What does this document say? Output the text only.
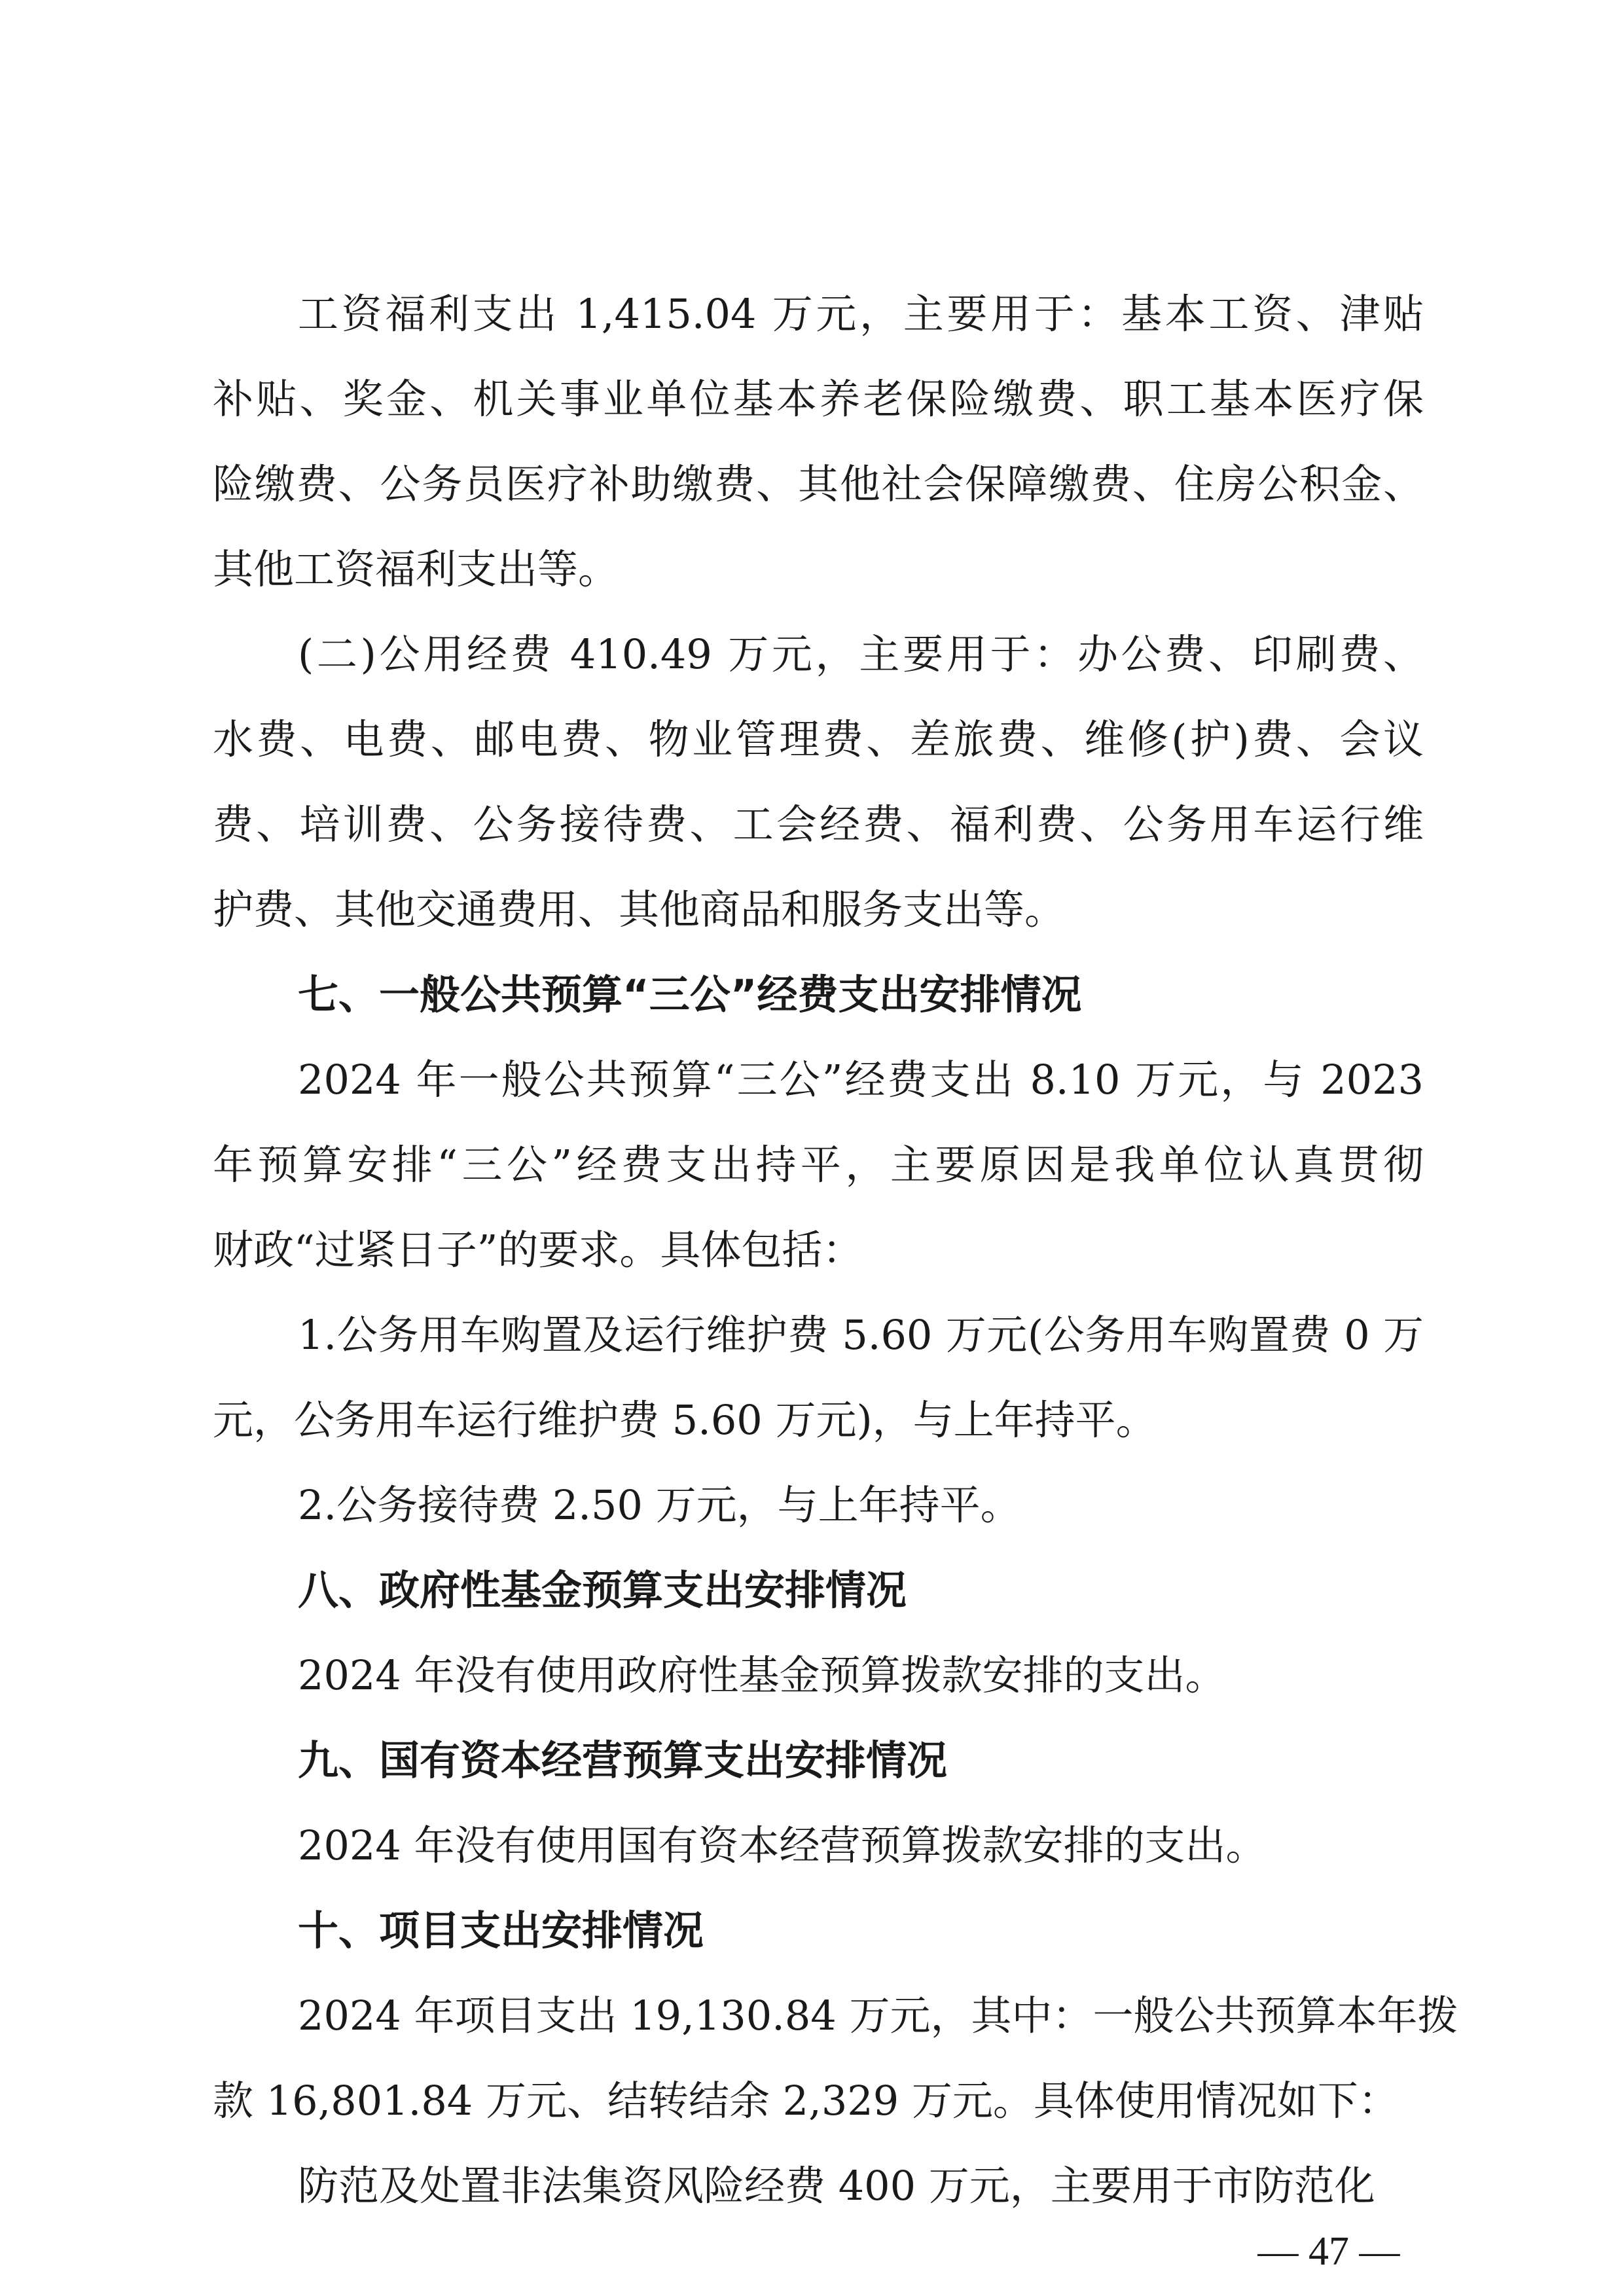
工资福利支出 1,415.04 万元，主要用于：基本工资、津贴
补贴、奖金、机关事业单位基本养老保险缴费、职工基本医疗保
险缴费、公务员医疗补助缴费、其他社会保障缴费、住房公积金、
其他工资福利支出等。
(二)公用经费 410.49 万元，主要用于：办公费、印刷费、
水费、电费、邮电费、物业管理费、差旅费、维修(护)费、会议
费、培训费、公务接待费、工会经费、福利费、公务用车运行维
护费、其他交通费用、其他商品和服务支出等。
七、一般公共预算“三公”经费支出安排情况
2024 年一般公共预算“三公”经费支出 8.10 万元，与 2023
年预算安排“三公”经费支出持平，主要原因是我单位认真贯彻
财政“过紧日子”的要求。具体包括：
1.公务用车购置及运行维护费 5.60 万元(公务用车购置费 0 万
元，公务用车运行维护费 5.60 万元)，与上年持平。
2.公务接待费 2.50 万元，与上年持平。
八、政府性基金预算支出安排情况
2024 年没有使用政府性基金预算拨款安排的支出。
九、国有资本经营预算支出安排情况
2024 年没有使用国有资本经营预算拨款安排的支出。
十、项目支出安排情况
2024 年项目支出 19,130.84 万元，其中：一般公共预算本年拨
款 16,801.84 万元、结转结余 2,329 万元。具体使用情况如下：
防范及处置非法集资风险经费 400 万元，主要用于市防范化
— 47 —
